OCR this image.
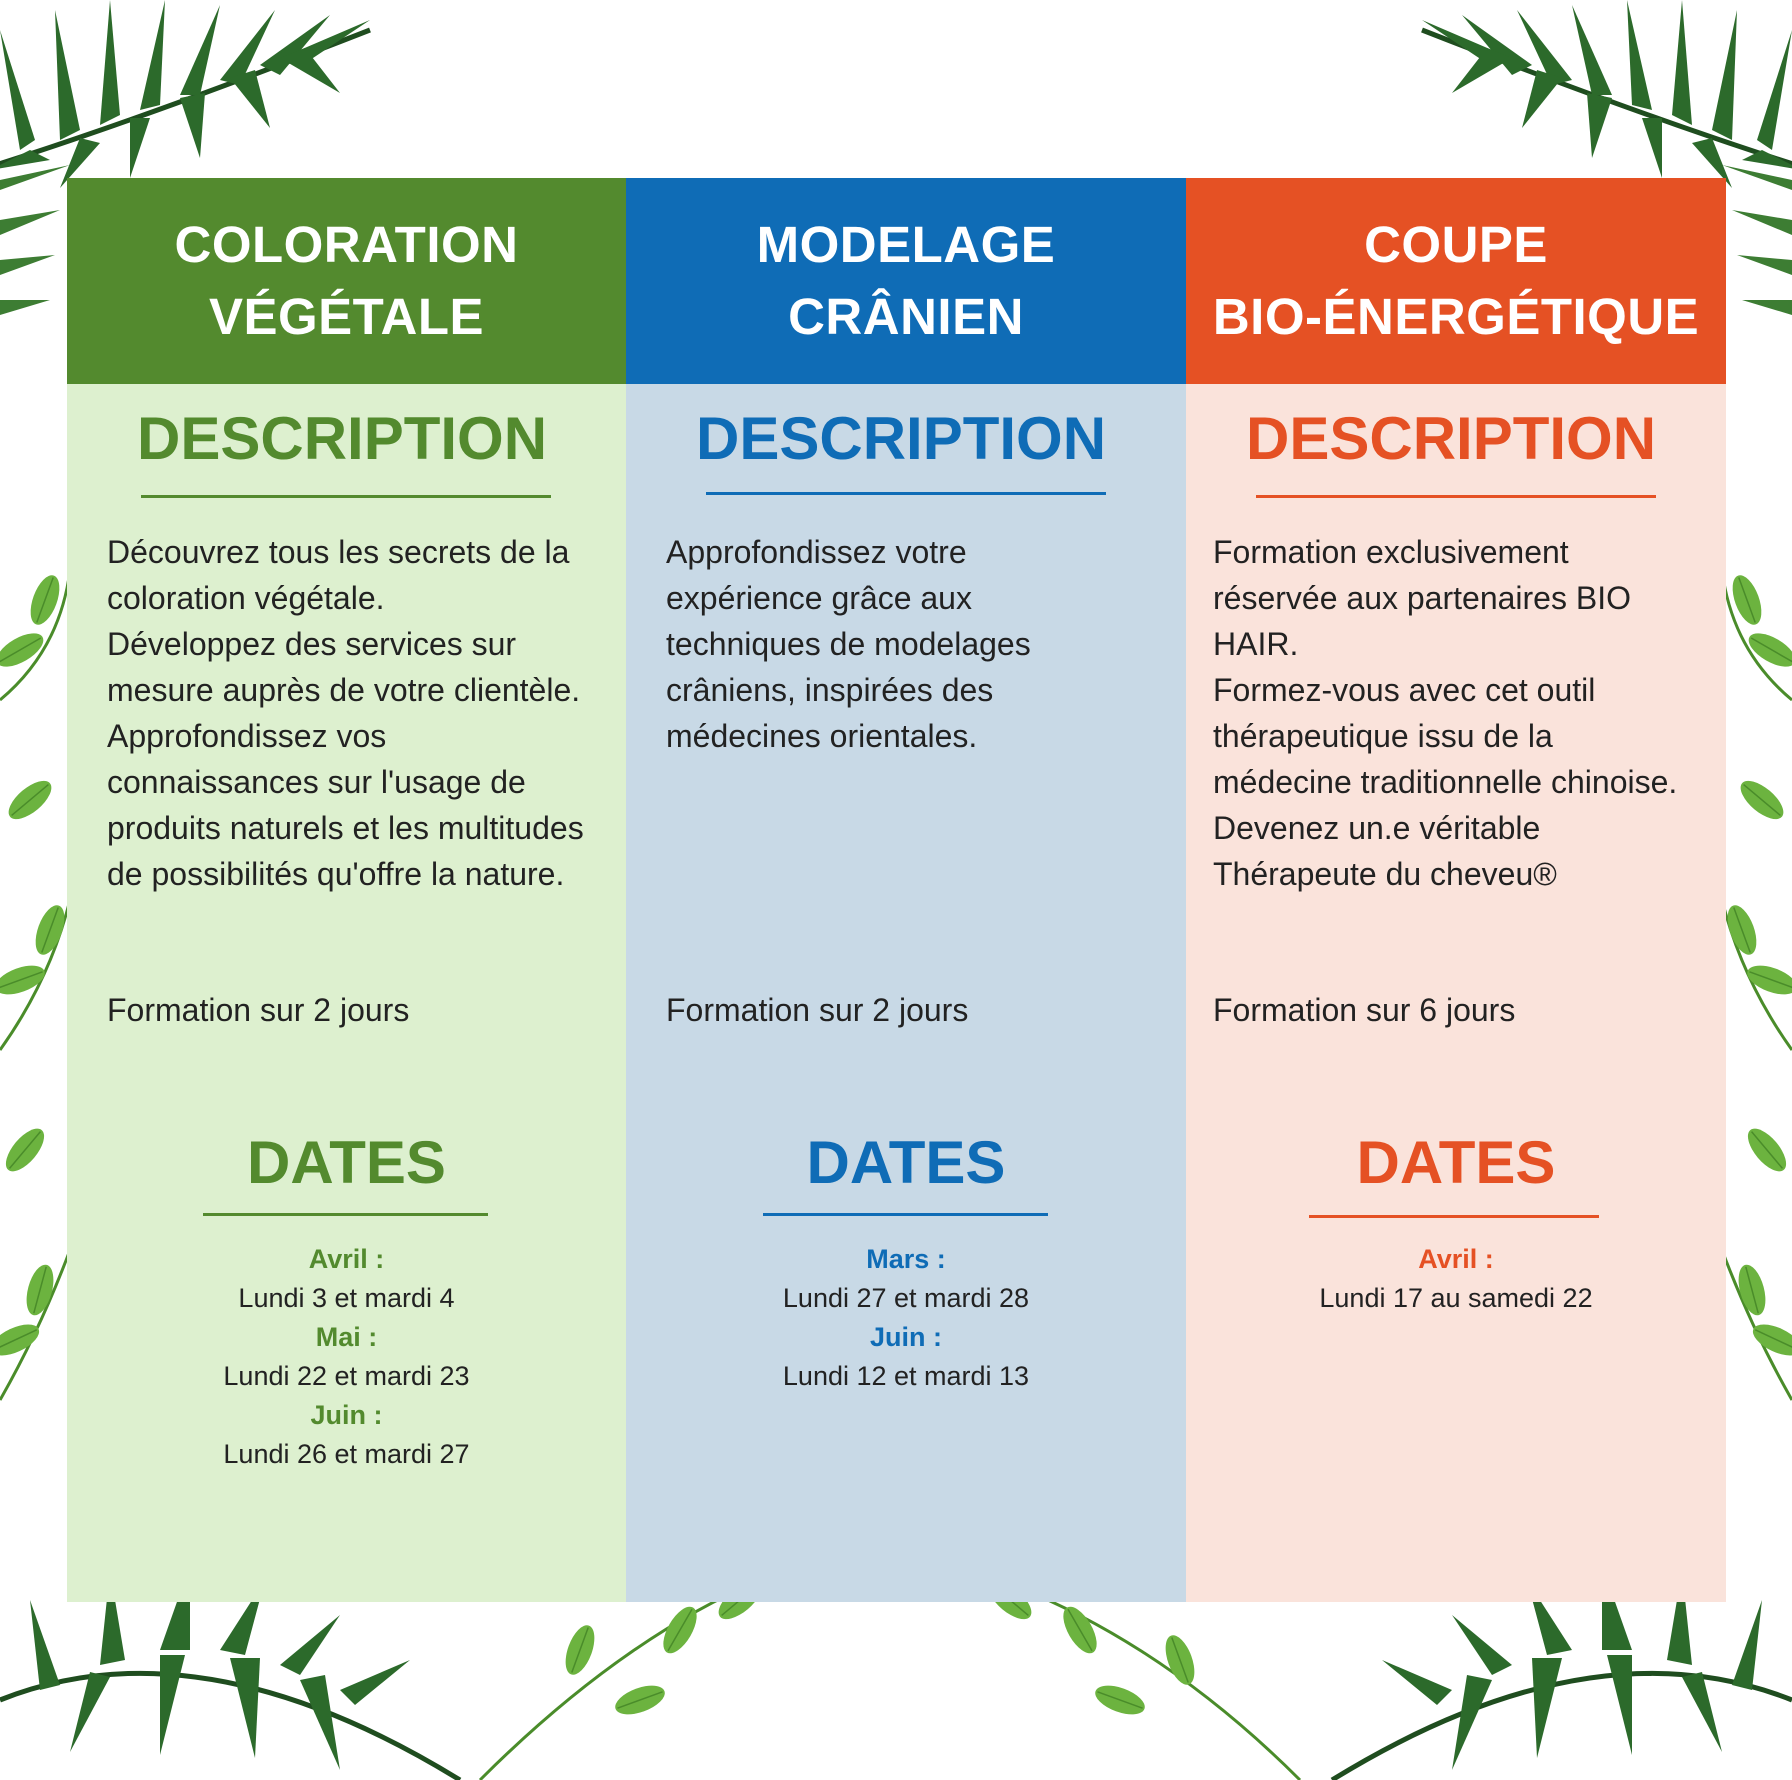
COLORATION
VÉGÉTALE
DESCRIPTION

Découvrez tous les secrets de la coloration végétale.

Développez des services sur mesure auprès de votre clientèle.

Approfondissez vos connaissances sur l'usage de produits naturels et les multitudes de possibilités qu'offre la nature.

Formation sur 2 jours
DATES
Avril :
Lundi 3 et mardi 4
Mai :
Lundi 22 et mardi 23
Juin :
Lundi 26 et mardi 27
MODELAGE
CRÂNIEN
DESCRIPTION

Approfondissez votre expérience grâce aux techniques de modelages crâniens, inspirées des médecines orientales.

Formation sur 2 jours
DATES
Mars :
Lundi 27 et mardi 28
Juin :
Lundi 12 et mardi 13
COUPE
BIO-ÉNERGÉTIQUE
DESCRIPTION

Formation exclusivement réservée aux partenaires BIO HAIR.

Formez-vous avec cet outil thérapeutique issu de la médecine traditionnelle chinoise.

Devenez un.e véritable Thérapeute du cheveu®

Formation sur 6 jours
DATES
Avril :
Lundi 17 au samedi 22
